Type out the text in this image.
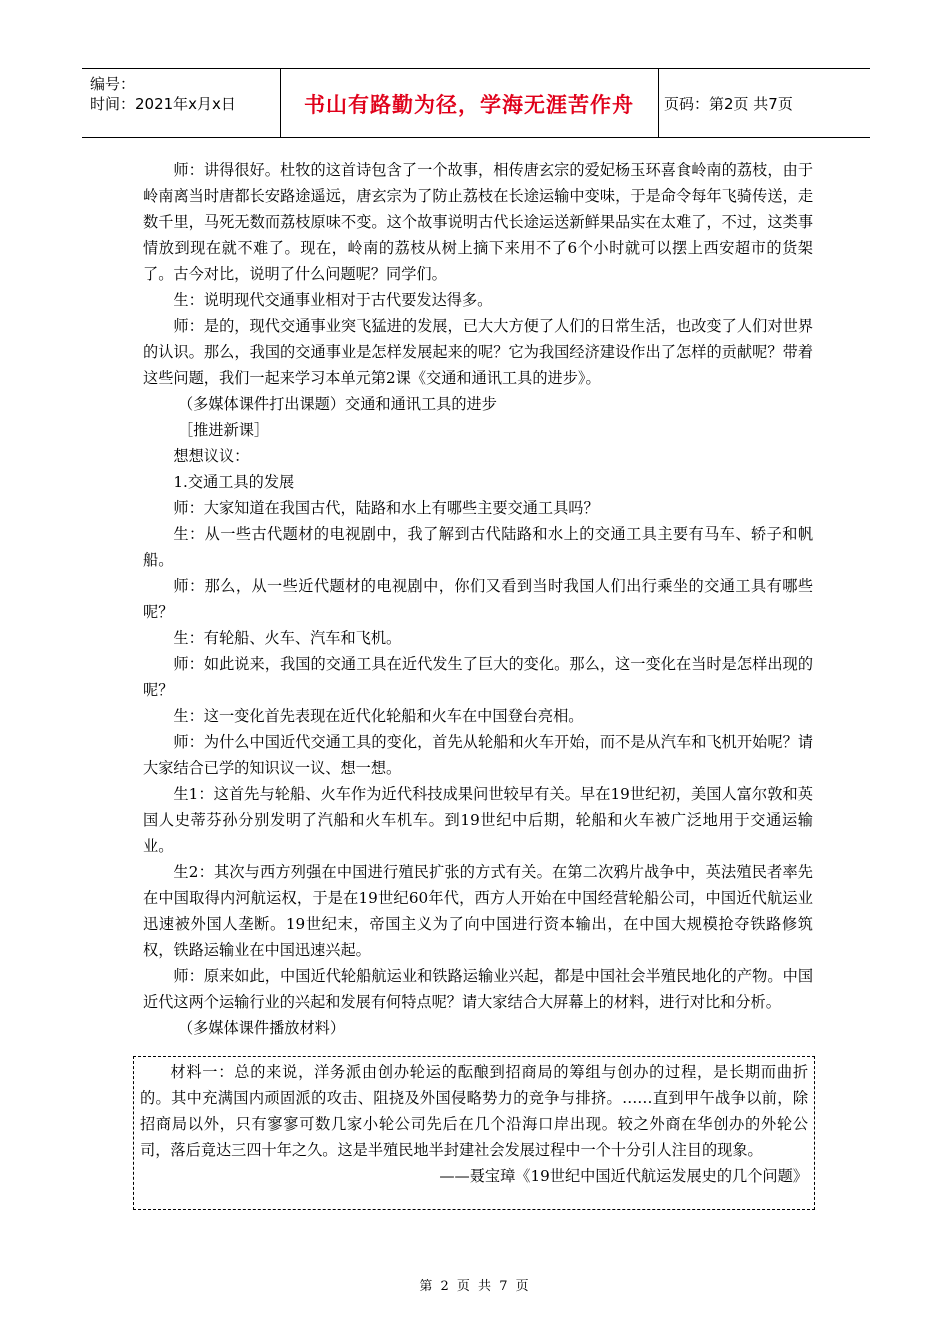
编号：
时间：2021年x月x日	书山有路勤为径，学海无涯苦作舟	页码：第2页 共7页

师：讲得很好。杜牧的这首诗包含了一个故事，相传唐玄宗的爱妃杨玉环喜食岭南的荔枝，由于岭南离当时唐都长安路途遥远，唐玄宗为了防止荔枝在长途运输中变味，于是命令每年飞骑传送，走数千里，马死无数而荔枝原味不变。这个故事说明古代长途运送新鲜果品实在太难了，不过，这类事情放到现在就不难了。现在，岭南的荔枝从树上摘下来用不了6个小时就可以摆上西安超市的货架了。古今对比，说明了什么问题呢？同学们。

生：说明现代交通事业相对于古代要发达得多。

师：是的，现代交通事业突飞猛进的发展，已大大方便了人们的日常生活，也改变了人们对世界的认识。那么，我国的交通事业是怎样发展起来的呢？它为我国经济建设作出了怎样的贡献呢？带着这些问题，我们一起来学习本单元第2课《交通和通讯工具的进步》。

（多媒体课件打出课题）交通和通讯工具的进步

［推进新课］

想想议议：

1.交通工具的发展

师：大家知道在我国古代，陆路和水上有哪些主要交通工具吗？

生：从一些古代题材的电视剧中，我了解到古代陆路和水上的交通工具主要有马车、轿子和帆船。

师：那么，从一些近代题材的电视剧中，你们又看到当时我国人们出行乘坐的交通工具有哪些呢？

生：有轮船、火车、汽车和飞机。

师：如此说来，我国的交通工具在近代发生了巨大的变化。那么，这一变化在当时是怎样出现的呢？

生：这一变化首先表现在近代化轮船和火车在中国登台亮相。

师：为什么中国近代交通工具的变化，首先从轮船和火车开始，而不是从汽车和飞机开始呢？请大家结合已学的知识议一议、想一想。

生1：这首先与轮船、火车作为近代科技成果问世较早有关。早在19世纪初，美国人富尔敦和英国人史蒂芬孙分别发明了汽船和火车机车。到19世纪中后期，轮船和火车被广泛地用于交通运输业。

生2：其次与西方列强在中国进行殖民扩张的方式有关。在第二次鸦片战争中，英法殖民者率先在中国取得内河航运权，于是在19世纪60年代，西方人开始在中国经营轮船公司，中国近代航运业迅速被外国人垄断。19世纪末，帝国主义为了向中国进行资本输出，在中国大规模抢夺铁路修筑权，铁路运输业在中国迅速兴起。

师：原来如此，中国近代轮船航运业和铁路运输业兴起，都是中国社会半殖民地化的产物。中国近代这两个运输行业的兴起和发展有何特点呢？请大家结合大屏幕上的材料，进行对比和分析。

（多媒体课件播放材料）

材料一：总的来说，洋务派由创办轮运的酝酿到招商局的筹组与创办的过程，是长期而曲折的。其中充满国内顽固派的攻击、阻挠及外国侵略势力的竞争与排挤。……直到甲午战争以前，除招商局以外，只有寥寥可数几家小轮公司先后在几个沿海口岸出现。较之外商在华创办的外轮公司，落后竟达三四十年之久。这是半殖民地半封建社会发展过程中一个十分引人注目的现象。

——聂宝璋《19世纪中国近代航运发展史的几个问题》

第 2 页 共 7 页
